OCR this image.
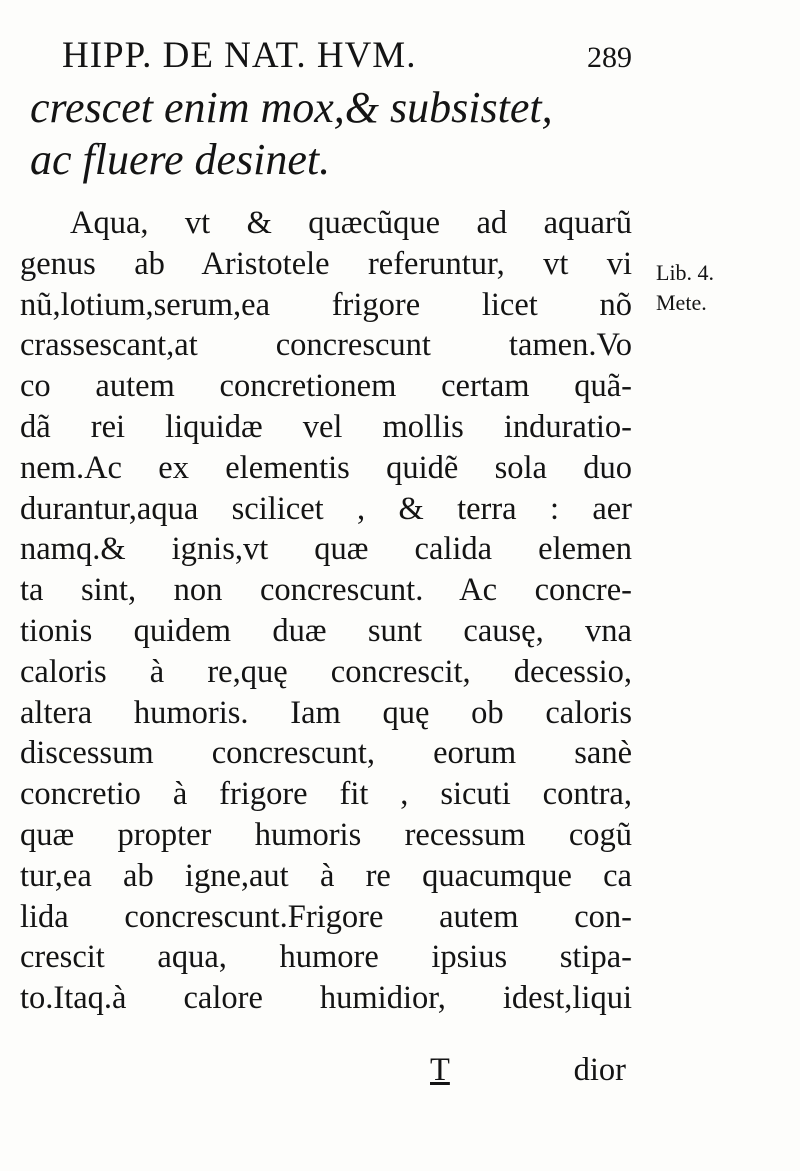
HIPP. DE NAT. HVM.	289
crescet enim mox,& subsistet,
ac fluere desinet.
Aqua, vt & quæcũque ad aquarũ
genus ab Aristotele referuntur, vt vi
nũ,lotium,serum,ea frigore licet nõ
crassescant,at concrescunt tamen.Vo
co autem concretionem certam quã-
dã rei liquidæ vel mollis induratio-
nem.Ac ex elementis quidẽ sola duo
durantur,aqua scilicet , & terra : aer
namq.& ignis,vt quæ calida elemen
ta sint, non concrescunt. Ac concre-
tionis quidem duæ sunt causę, vna
caloris à re,quę concrescit, decessio,
altera humoris. Iam quę ob caloris
discessum concrescunt, eorum sanè
concretio à frigore fit , sicuti contra,
quæ propter humoris recessum cogũ
tur,ea ab igne,aut à re quacumque ca
lida concrescunt.Frigore autem con-
crescit aqua, humore ipsius stipa-
to.Itaq.à calore humidior, idest,liqui
Lib. 4.
Mete.
T	dior
